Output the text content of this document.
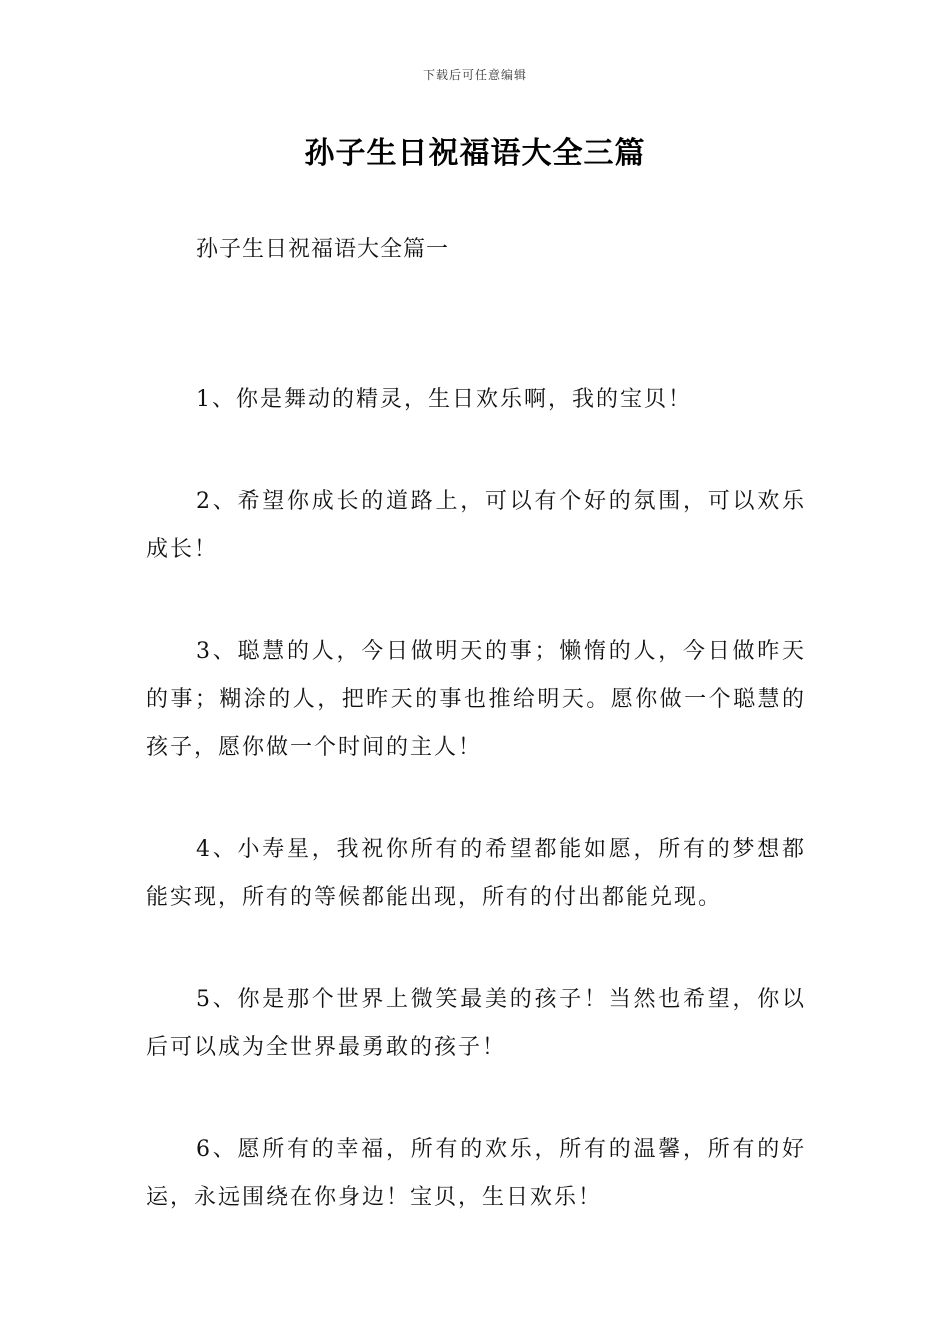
下载后可任意编辑
孙子生日祝福语大全三篇
孙子生日祝福语大全篇一

1、你是舞动的精灵，生日欢乐啊，我的宝贝！

2、希望你成长的道路上，可以有个好的氛围，可以欢乐成长！

3、聪慧的人，今日做明天的事；懒惰的人，今日做昨天的事；糊涂的人，把昨天的事也推给明天。愿你做一个聪慧的孩子，愿你做一个时间的主人！

4、小寿星，我祝你所有的希望都能如愿，所有的梦想都能实现，所有的等候都能出现，所有的付出都能兑现。

5、你是那个世界上微笑最美的孩子！当然也希望，你以后可以成为全世界最勇敢的孩子！

6、愿所有的幸福，所有的欢乐，所有的温馨，所有的好运，永远围绕在你身边！宝贝，生日欢乐！
